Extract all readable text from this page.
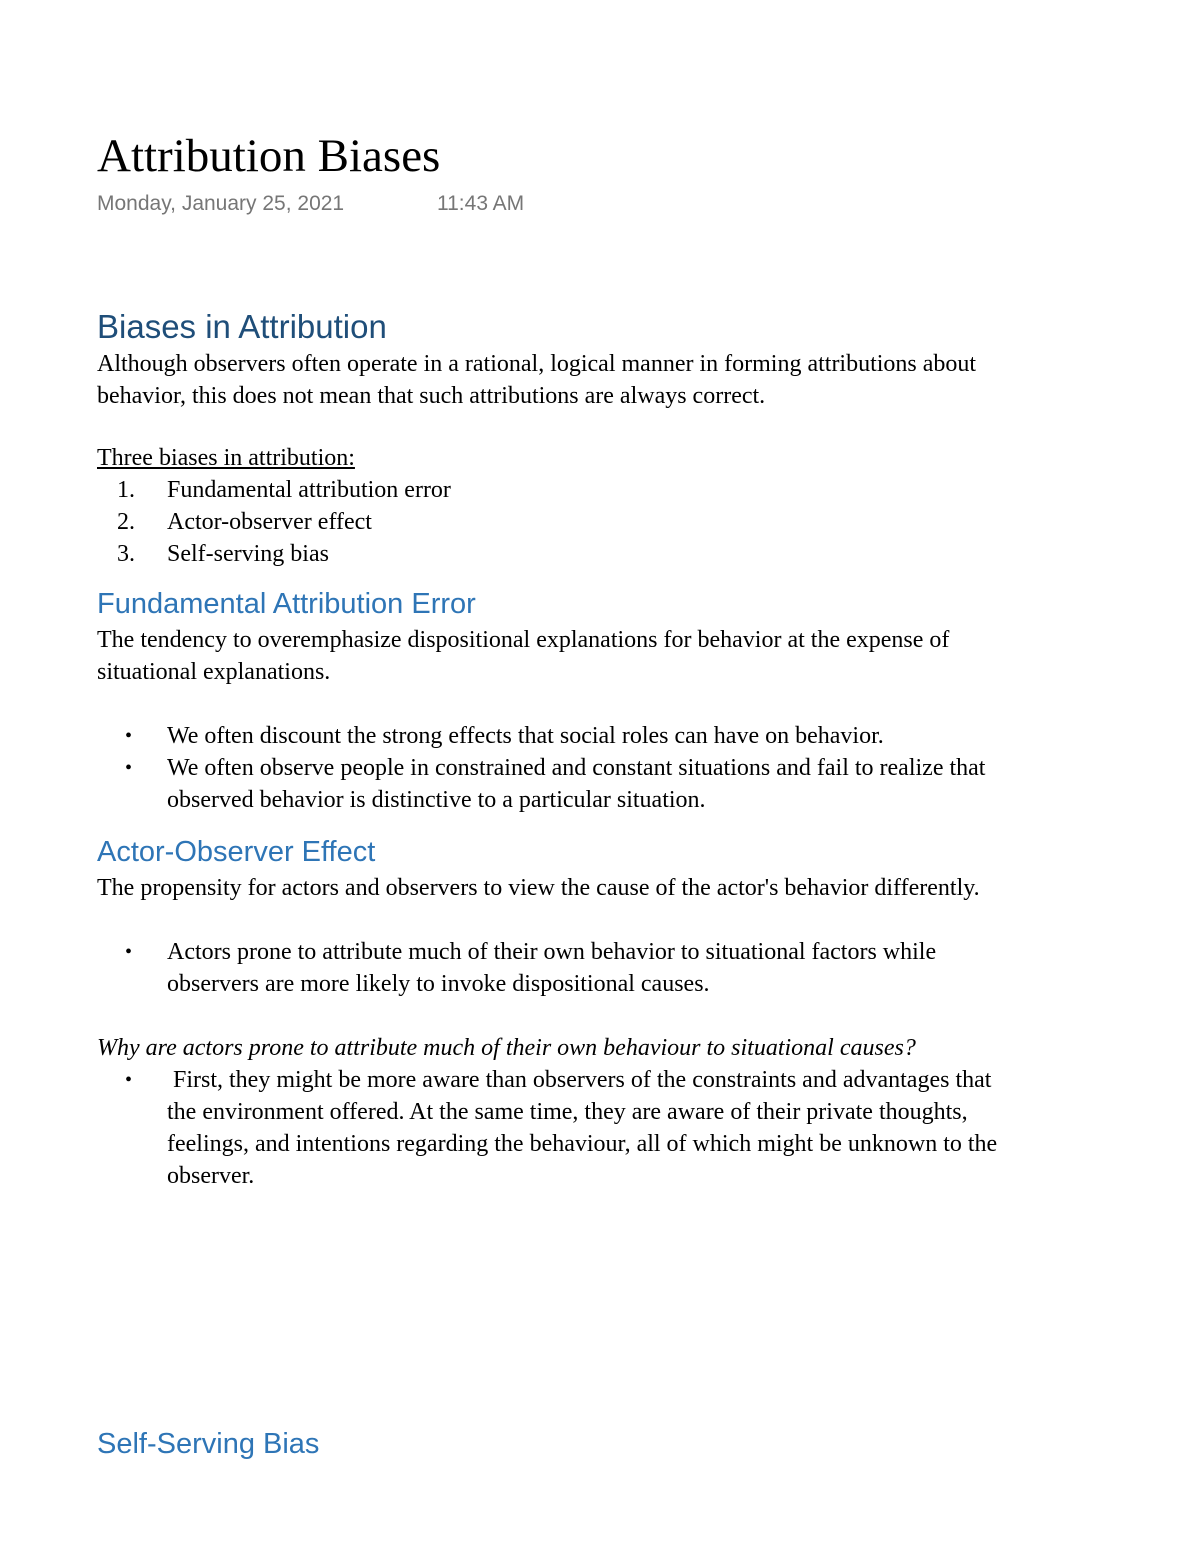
Attribution Biases
Monday, January 25, 2021	11:43 AM
Biases in Attribution

Although observers often operate in a rational, logical manner in forming attributions about behavior, this does not mean that such attributions are always correct.

Three biases in attribution:

1.	Fundamental attribution error
2.	Actor-observer effect
3.	Self-serving bias
Fundamental Attribution Error

The tendency to overemphasize dispositional explanations for behavior at the expense of situational explanations.

•	We often discount the strong effects that social roles can have on behavior.
•	We often observe people in constrained and constant situations and fail to realize that observed behavior is distinctive to a particular situation.
Actor-Observer Effect

The propensity for actors and observers to view the cause of the actor's behavior differently.

•	Actors prone to attribute much of their own behavior to situational factors while observers are more likely to invoke dispositional causes.

Why are actors prone to attribute much of their own behaviour to situational causes?

•	First, they might be more aware than observers of the constraints and advantages that the environment offered. At the same time, they are aware of their private thoughts, feelings, and intentions regarding the behaviour, all of which might be unknown to the observer.
Self-Serving Bias
